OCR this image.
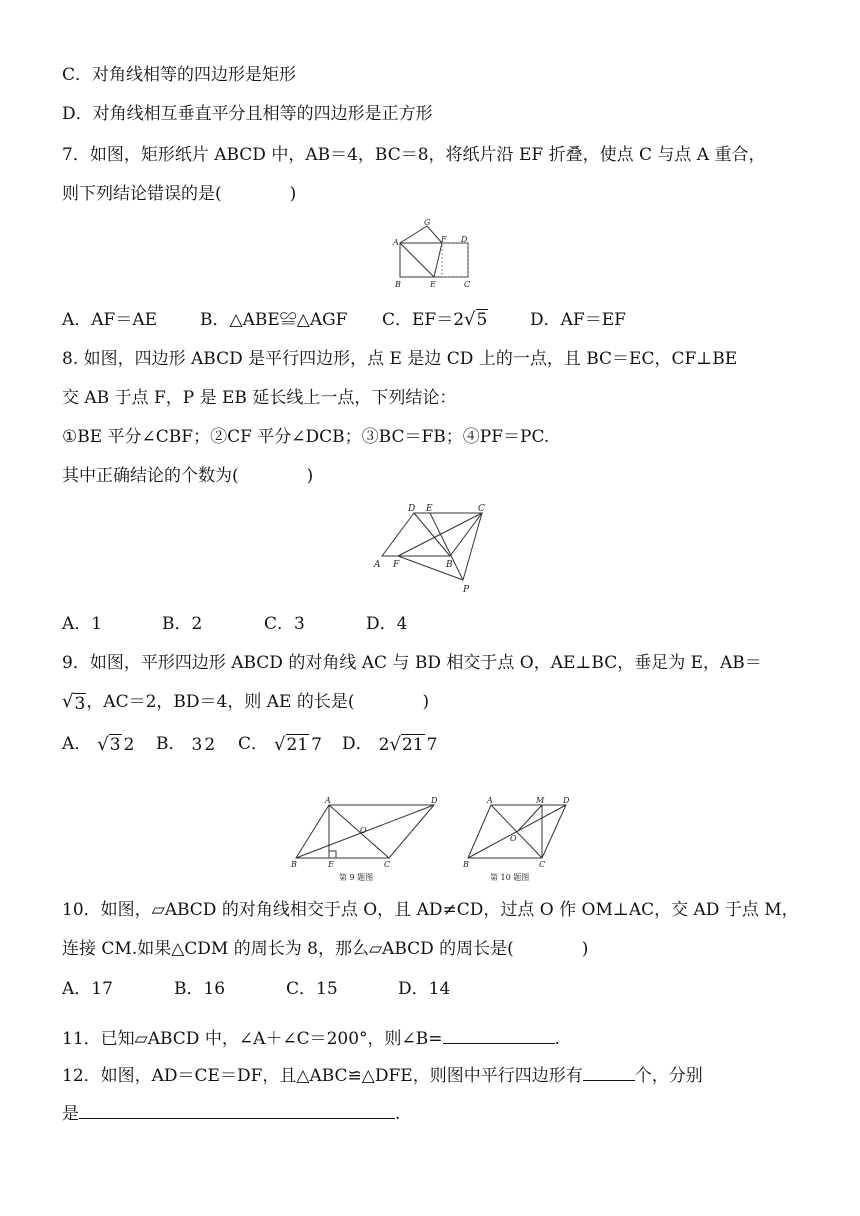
C．对角线相等的四边形是矩形
D．对角线相互垂直平分且相等的四边形是正方形
7．如图，矩形纸片 ABCD 中，AB＝4，BC＝8，将纸片沿 EF 折叠，使点 C 与点 A 重合，
则下列结论错误的是(　　　　)
G
A	F D
B	E	C
A．AF＝AE	B．△ABE≌△AGF C．EF＝2√5	D．AF＝EF
8. 如图，四边形 ABCD 是平行四边形，点 E 是边 CD 上的一点，且 BC＝EC，CF⊥BE
交 AB 于点 F，P 是 EB 延长线上一点，下列结论：
①BE 平分∠CBF；②CF 平分∠DCB；③BC＝FB；④PF＝PC.
其中正确结论的个数为(　　　　)
D E	C
A F	B
P
A．1	B．2	C．3	D．4
9．如图，平形四边形 ABCD 的对角线 AC 与 BD 相交于点 O，AE⊥BC，垂足为 E，AB＝
√ 3 ，AC＝2，BD＝4，则 AE 的长是(　　　　)
A． √3 2 B． 3 2 C． √21 7 D． 2√21 7
A	D
O
B	E	C
第 9 题图
A	M D
O
B	C
第 10 题图
10．如图，▱ABCD 的对角线相交于点 O，且 AD≠CD，过点 O 作 OM⊥AC，交 AD 于点 M，
连接 CM.如果△CDM 的周长为 8，那么▱ABCD 的周长是(　　　　)
A．17	B．16	C．15	D．14
11．已知▱ABCD 中，∠A＋∠C＝200°，则∠B=	.
12．如图，AD＝CE＝DF，且△ABC≌△DFE，则图中平行四边形有	个，分别
是	.
